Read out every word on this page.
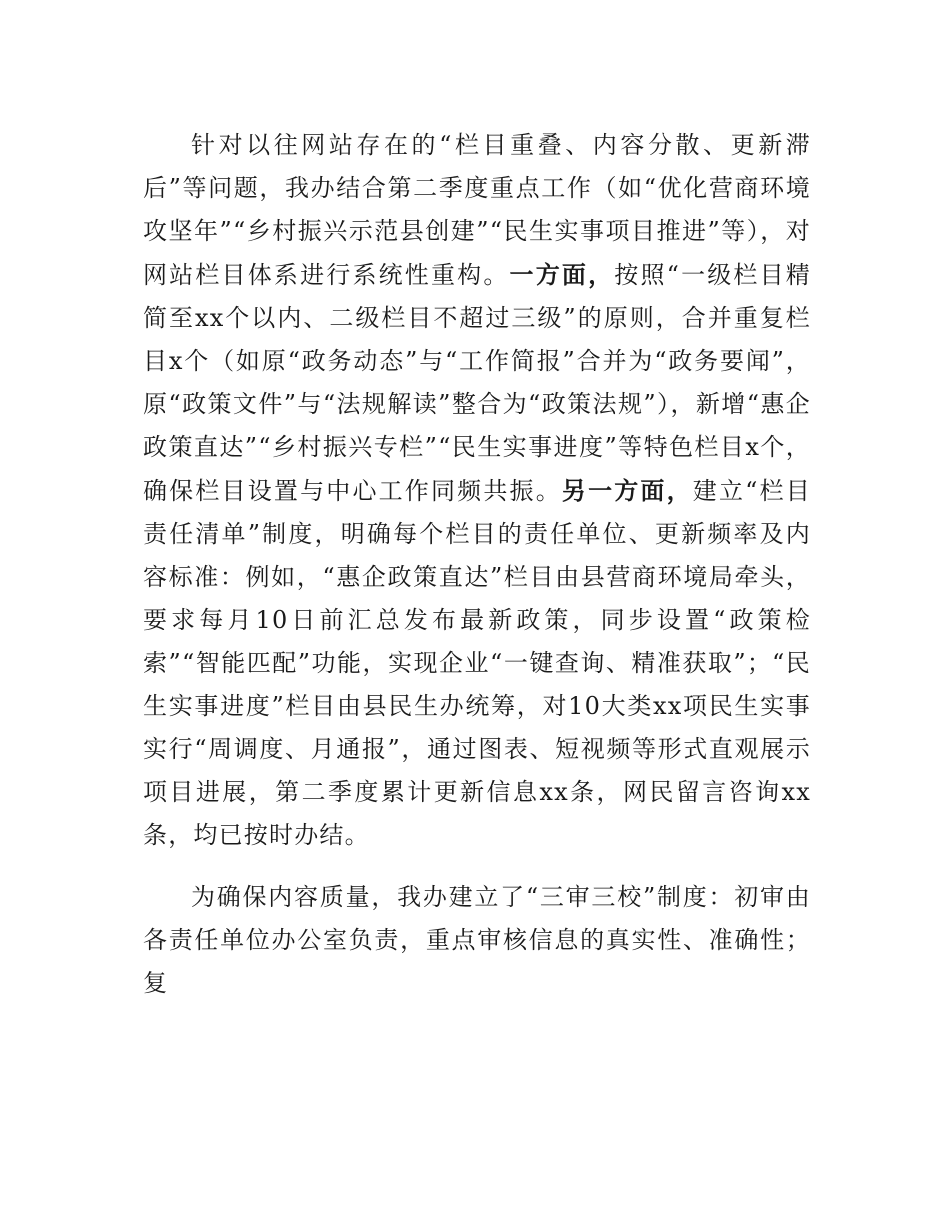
针对以往网站存在的“栏目重叠、内容分散、更新滞后”等问题，我办结合第二季度重点工作（如“优化营商环境攻坚年”“乡村振兴示范县创建”“民生实事项目推进”等），对网站栏目体系进行系统性重构。一方面，按照“一级栏目精简至xx个以内、二级栏目不超过三级”的原则，合并重复栏目x个（如原“政务动态”与“工作简报”合并为“政务要闻”，原“政策文件”与“法规解读”整合为“政策法规”），新增“惠企政策直达”“乡村振兴专栏”“民生实事进度”等特色栏目x个，确保栏目设置与中心工作同频共振。另一方面，建立“栏目责任清单”制度，明确每个栏目的责任单位、更新频率及内容标准：例如，“惠企政策直达”栏目由县营商环境局牵头，要求每月10日前汇总发布最新政策，同步设置“政策检索”“智能匹配”功能，实现企业“一键查询、精准获取”；“民生实事进度”栏目由县民生办统筹，对10大类xx项民生实事实行“周调度、月通报”，通过图表、短视频等形式直观展示项目进展，第二季度累计更新信息xx条，网民留言咨询xx条，均已按时办结。

为确保内容质量，我办建立了“三审三校”制度：初审由各责任单位办公室负责，重点审核信息的真实性、准确性；复
